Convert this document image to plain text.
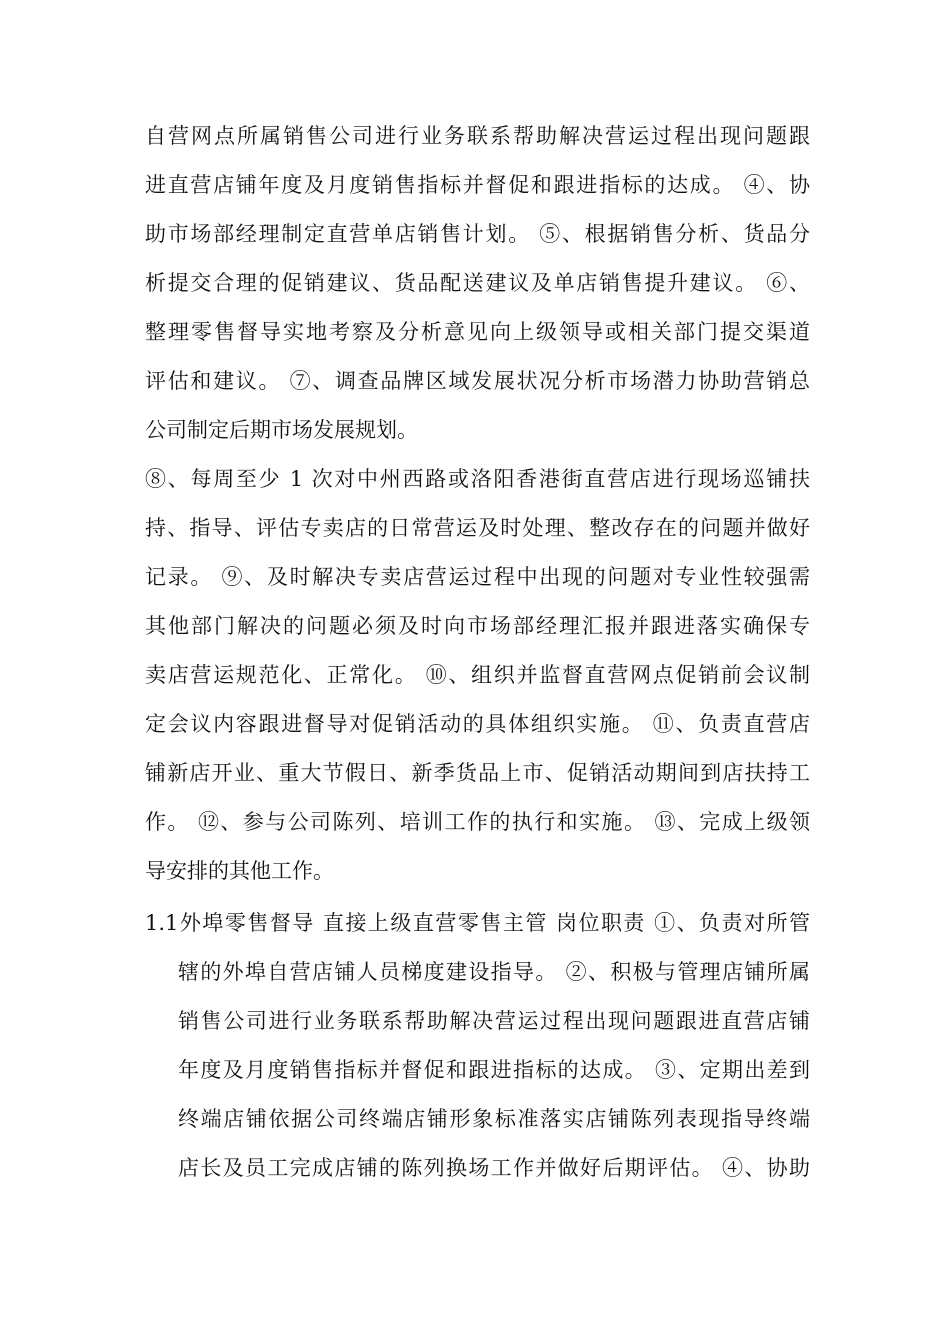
自营网点所属销售公司进行业务联系帮助解决营运过程出现问题跟
进直营店铺年度及月度销售指标并督促和跟进指标的达成。 ④、协
助市场部经理制定直营单店销售计划。 ⑤、根据销售分析、货品分
析提交合理的促销建议、货品配送建议及单店销售提升建议。 ⑥、
整理零售督导实地考察及分析意见向上级领导或相关部门提交渠道
评估和建议。 ⑦、调查品牌区域发展状况分析市场潜力协助营销总
公司制定后期市场发展规划。
⑧、每周至少 1 次对中州西路或洛阳香港街直营店进行现场巡铺扶
持、指导、评估专卖店的日常营运及时处理、整改存在的问题并做好
记录。 ⑨、及时解决专卖店营运过程中出现的问题对专业性较强需
其他部门解决的问题必须及时向市场部经理汇报并跟进落实确保专
卖店营运规范化、正常化。 ⑩、组织并监督直营网点促销前会议制
定会议内容跟进督导对促销活动的具体组织实施。 ⑪、负责直营店
铺新店开业、重大节假日、新季货品上市、促销活动期间到店扶持工
作。 ⑫、参与公司陈列、培训工作的执行和实施。 ⑬、完成上级领
导安排的其他工作。
1.1外埠零售督导 直接上级直营零售主管 岗位职责 ①、负责对所管
辖的外埠自营店铺人员梯度建设指导。 ②、积极与管理店铺所属
销售公司进行业务联系帮助解决营运过程出现问题跟进直营店铺
年度及月度销售指标并督促和跟进指标的达成。 ③、定期出差到
终端店铺依据公司终端店铺形象标准落实店铺陈列表现指导终端
店长及员工完成店铺的陈列换场工作并做好后期评估。 ④、协助
